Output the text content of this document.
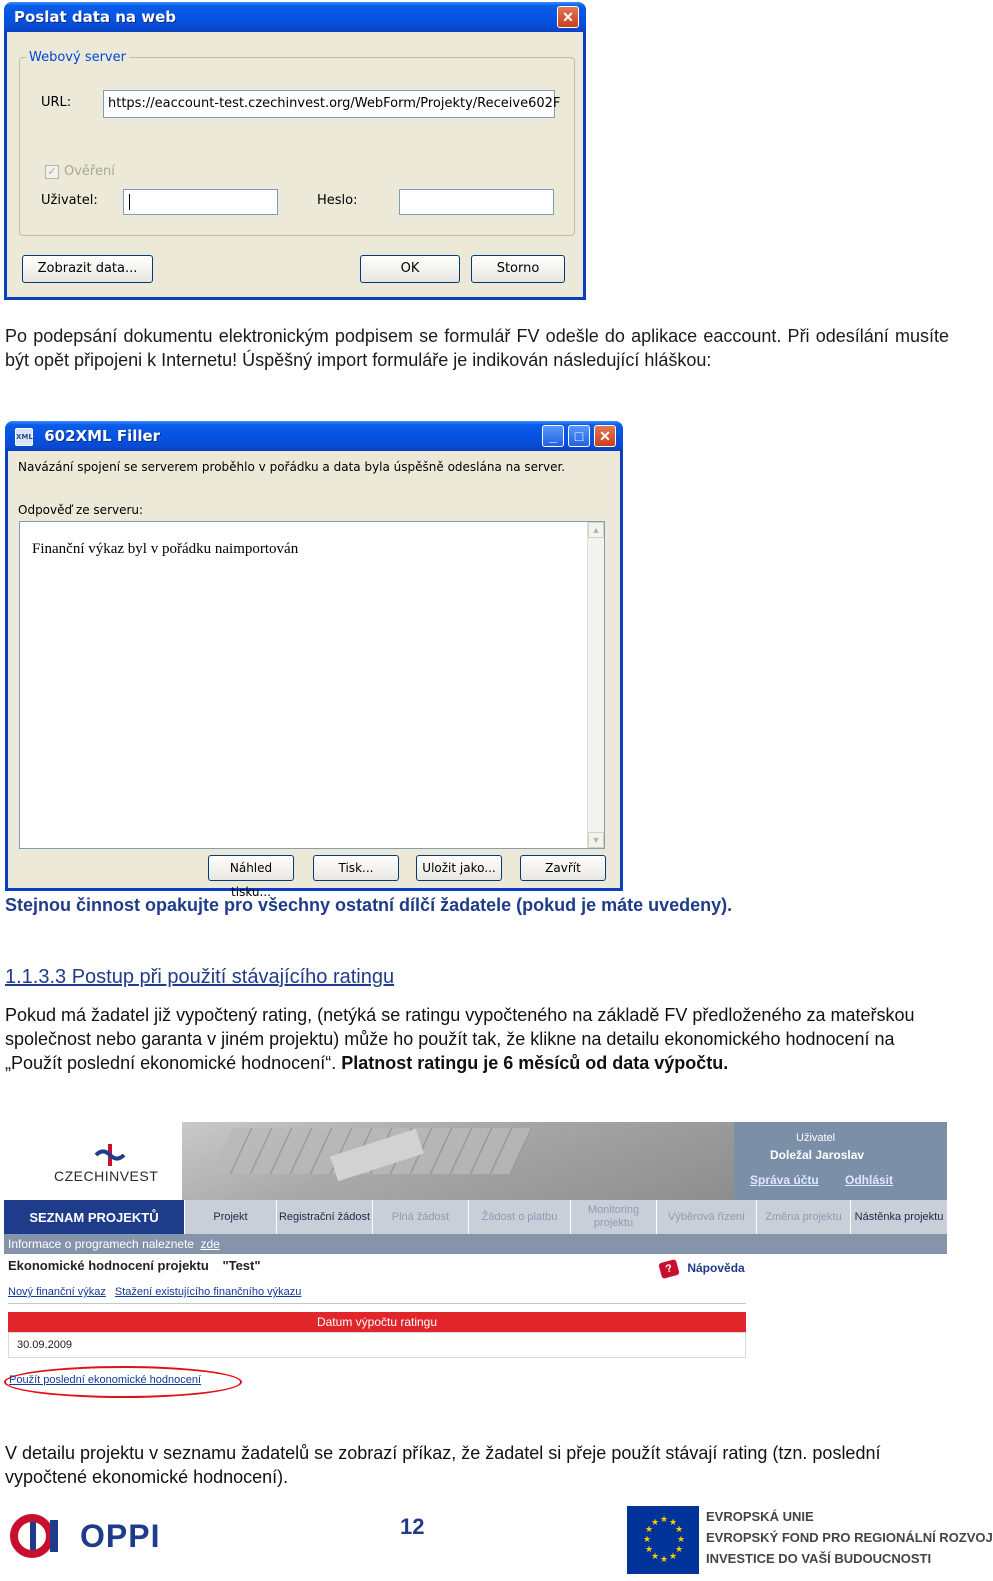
Poslat data na web	✕
Webový server
URL:	https://eaccount-test.czechinvest.org/WebForm/Projekty/Receive602F
✓ Ověření
Uživatel:	Heslo:
Zobrazit data...	OK	Storno
Po podepsání dokumentu elektronickým podpisem se formulář FV odešle do aplikace eaccount. Při odesílání musíte být opět připojeni k Internetu! Úspěšný import formuláře je indikován následující hláškou:
XML 602XML Filler	_	□	✕
Navázání spojení se serverem proběhlo v pořádku a data byla úspěšně odeslána na server.
Odpověď ze serveru:
Finanční výkaz byl v pořádku naimportován
▲
▼
Náhled tisku...
Tisk...	Uložit jako...	Zavřít
Stejnou činnost opakujte pro všechny ostatní dílčí žadatele (pokud je máte uvedeny).
1.1.3.3 Postup při použití stávajícího ratingu
Pokud má žadatel již vypočtený rating, (netýká se ratingu vypočteného na základě FV předloženého za mateřskou společnost nebo garanta v jiném projektu) může ho použít tak, že klikne na detailu ekonomického hodnocení na „Použít poslední ekonomické hodnocení“. Platnost ratingu je 6 měsíců od data výpočtu.
CZECHINVEST
Uživatel
Doležal Jaroslav
Správa účtu Odhlásit
SEZNAM PROJEKTŮ	Projekt	Registrační žádost	Plná žádost	Žádost o platbu
Monitoring projektu
Výběrová řízení	Změna projektu	Nástěnka projektu
Informace o programech naleznete zde
Ekonomické hodnocení projektu "Test"	? Nápověda
Nový finanční výkaz Stažení existujícího finančního výkazu
Datum výpočtu ratingu
30.09.2009
Použít poslední ekonomické hodnocení
V detailu projektu v seznamu žadatelů se zobrazí příkaz, že žadatel si přeje použít stávají rating (tzn. poslední vypočtené ekonomické hodnocení).
OPPI	12	★ ★
★
★
★
★
★
★
★
★
★
★	EVROPSKÁ UNIE
EVROPSKÝ FOND PRO REGIONÁLNÍ ROZVOJ
INVESTICE DO VAŠÍ BUDOUCNOSTI
